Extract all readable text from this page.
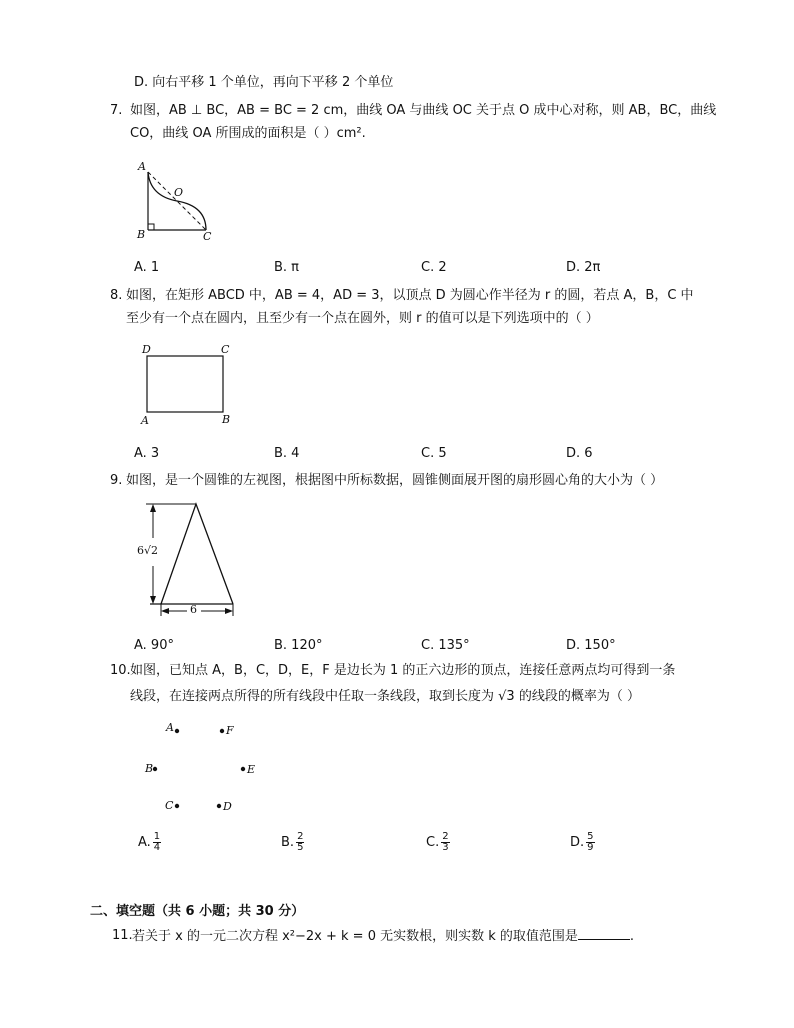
D. 向右平移 1 个单位，再向下平移 2 个单位
7. 如图，AB ⊥ BC，AB = BC = 2 cm，曲线 OA 与曲线 OC 关于点 O 成中心对称，则 AB，BC，曲线
CO，曲线 OA 所围成的面积是（ ）cm².
A
B	C
O
A. 1	B. π	C. 2	D. 2π
8. 如图，在矩形 ABCD 中，AB = 4，AD = 3，以顶点 D 为圆心作半径为 r 的圆，若点 A，B，C 中
至少有一个点在圆内，且至少有一个点在圆外，则 r 的值可以是下列选项中的（ ）
D	C
A	B
A. 3	B. 4	C. 5	D. 6
9. 如图，是一个圆锥的左视图，根据图中所标数据，圆锥侧面展开图的扇形圆心角的大小为（ ）
6√2
6
A. 90°	B. 120°	C. 135°	D. 150°
10. 如图，已知点 A，B，C，D，E，F 是边长为 1 的正六边形的顶点，连接任意两点均可得到一条
线段，在连接两点所得的所有线段中任取一条线段，取到长度为 √3 的线段的概率为（ ）
A	F
B	E
C	D
A. $\frac{1}{4}$	B. $\frac{2}{5}$	C. $\frac{2}{3}$	D. $\frac{5}{9}$
二、填空题（共 6 小题；共 30 分）
11. 若关于 x 的一元二次方程 x²−2x + k = 0 无实数根，则实数 k 的取值范围是	.
